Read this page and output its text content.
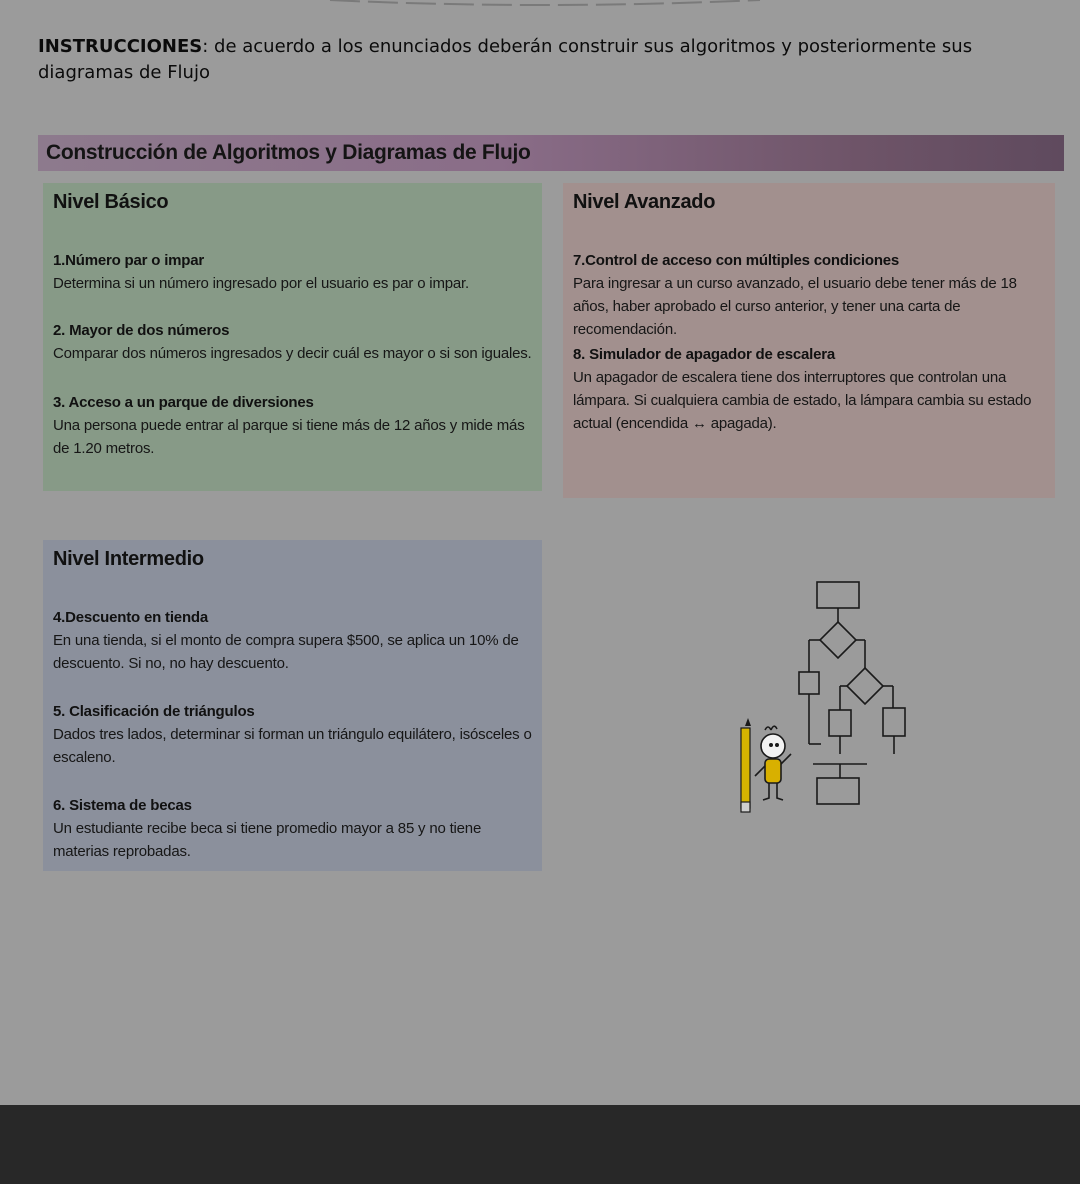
INSTRUCCIONES: de acuerdo a los enunciados deberán construir sus algoritmos y posteriormente sus diagramas de Flujo
Construcción de Algoritmos y Diagramas de Flujo
Nivel Básico
1.Número par o impar
Determina si un número ingresado por el usuario es par o impar.
2. Mayor de dos números
Comparar dos números ingresados y decir cuál es mayor o si son iguales.
3. Acceso a un parque de diversiones
Una persona puede entrar al parque si tiene más de 12 años y mide más de 1.20 metros.
Nivel Avanzado
7.Control de acceso con múltiples condiciones
Para ingresar a un curso avanzado, el usuario debe tener más de 18 años, haber aprobado el curso anterior, y tener una carta de recomendación.
8. Simulador de apagador de escalera
Un apagador de escalera tiene dos interruptores que controlan una lámpara. Si cualquiera cambia de estado, la lámpara cambia su estado actual (encendida ↔ apagada).
Nivel Intermedio
4.Descuento en tienda
En una tienda, si el monto de compra supera $500, se aplica un 10% de descuento. Si no, no hay descuento.
5. Clasificación de triángulos
Dados tres lados, determinar si forman un triángulo equilátero, isósceles o escaleno.
6. Sistema de becas
Un estudiante recibe beca si tiene promedio mayor a 85 y no tiene materias reprobadas.
